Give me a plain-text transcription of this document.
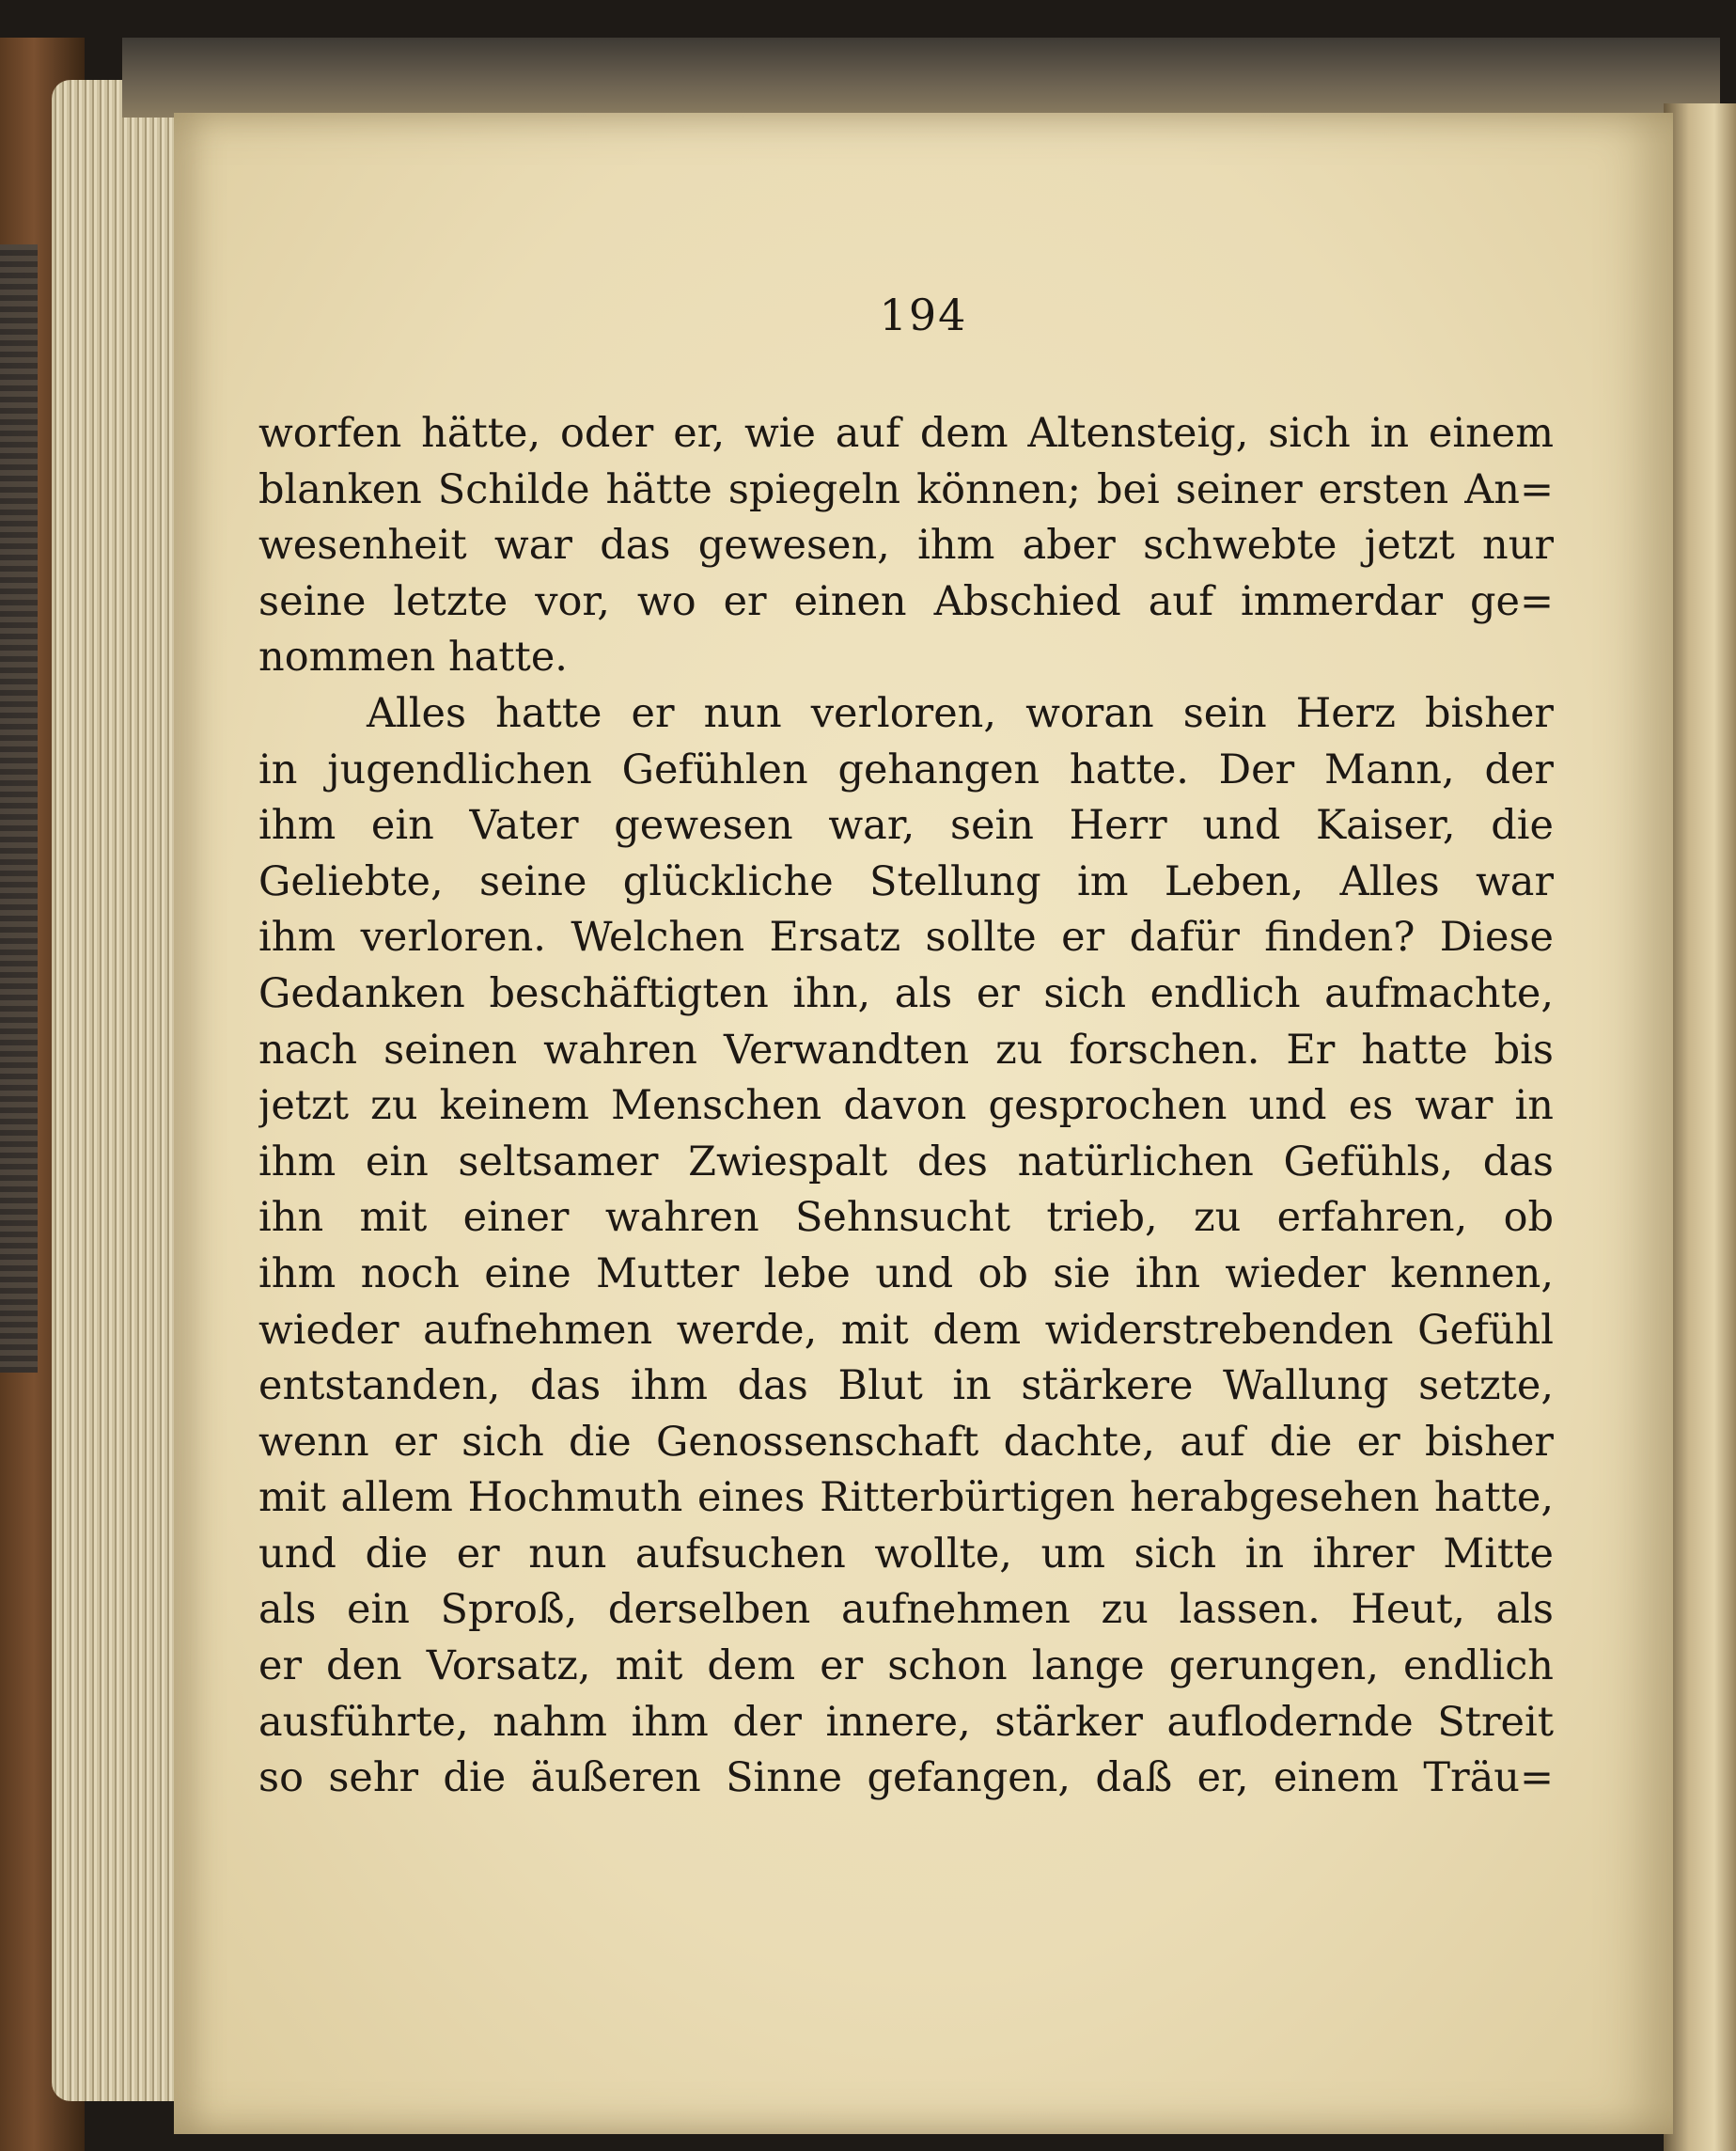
194
worfen hätte, oder er, wie auf dem Altensteig, sich in einem
blanken Schilde hätte spiegeln können; bei seiner ersten An=
wesenheit war das gewesen, ihm aber schwebte jetzt nur
seine letzte vor, wo er einen Abschied auf immerdar ge=
nommen hatte.
Alles hatte er nun verloren, woran sein Herz bisher
in jugendlichen Gefühlen gehangen hatte. Der Mann, der
ihm ein Vater gewesen war, sein Herr und Kaiser, die
Geliebte, seine glückliche Stellung im Leben, Alles war
ihm verloren. Welchen Ersatz sollte er dafür finden? Diese
Gedanken beschäftigten ihn, als er sich endlich aufmachte,
nach seinen wahren Verwandten zu forschen. Er hatte bis
jetzt zu keinem Menschen davon gesprochen und es war in
ihm ein seltsamer Zwiespalt des natürlichen Gefühls, das
ihn mit einer wahren Sehnsucht trieb, zu erfahren, ob
ihm noch eine Mutter lebe und ob sie ihn wieder kennen,
wieder aufnehmen werde, mit dem widerstrebenden Gefühl
entstanden, das ihm das Blut in stärkere Wallung setzte,
wenn er sich die Genossenschaft dachte, auf die er bisher
mit allem Hochmuth eines Ritterbürtigen herabgesehen hatte,
und die er nun aufsuchen wollte, um sich in ihrer Mitte
als ein Sproß, derselben aufnehmen zu lassen. Heut, als
er den Vorsatz, mit dem er schon lange gerungen, endlich
ausführte, nahm ihm der innere, stärker auflodernde Streit
so sehr die äußeren Sinne gefangen, daß er, einem Träu=
